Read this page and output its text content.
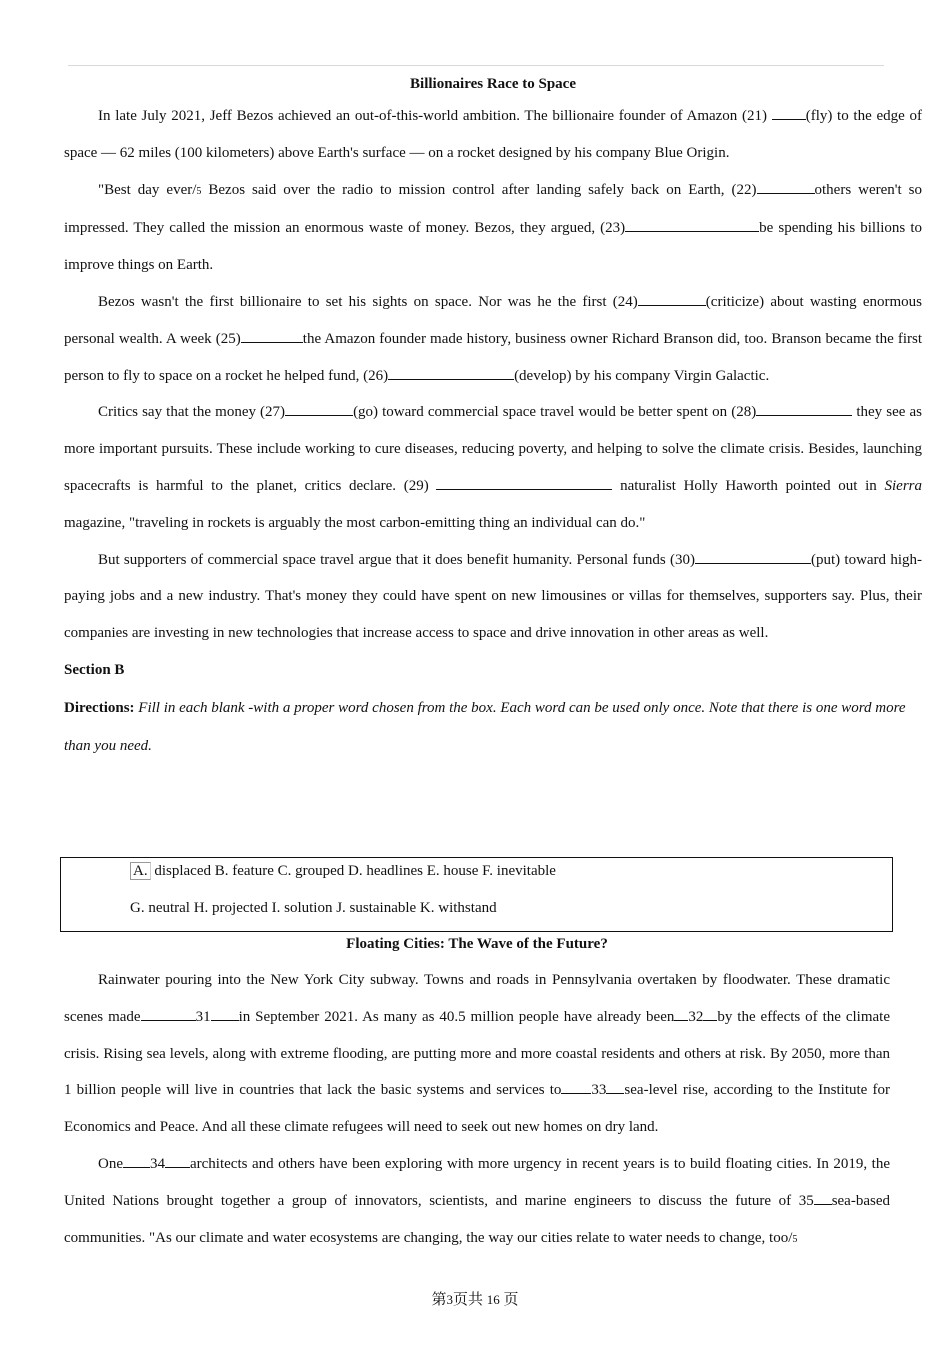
Billionaires Race to Space
In late July 2021, Jeff Bezos achieved an out-of-this-world ambition. The billionaire founder of Amazon (21) (fly) to the edge of space — 62 miles (100 kilometers) above Earth's surface — on a rocket designed by his company Blue Origin.
"Best day ever/5 Bezos said over the radio to mission control after landing safely back on Earth, (22)	others weren't so impressed. They called the mission an enormous waste of money. Bezos, they argued, (23)	be spending his billions to improve things on Earth.
Bezos wasn't the first billionaire to set his sights on space. Nor was he the first (24)	(criticize) about wasting enormous personal wealth. A week (25)	the Amazon founder made history, business owner Richard Branson did, too. Branson became the first person to fly to space on a rocket he helped fund, (26)	(develop) by his company Virgin Galactic.
Critics say that the money (27)	(go) toward commercial space travel would be better spent on (28)	they see as more important pursuits. These include working to cure diseases, reducing poverty, and helping to solve the climate crisis. Besides, launching spacecrafts is harmful to the planet, critics declare. (29)	naturalist Holly Haworth pointed out in Sierra magazine, "traveling in rockets is arguably the most carbon-emitting thing an individual can do."
But supporters of commercial space travel argue that it does benefit humanity. Personal funds (30)	(put) toward high-paying jobs and a new industry. That's money they could have spent on new limousines or villas for themselves, supporters say. Plus, their companies are investing in new technologies that increase access to space and drive innovation in other areas as well.
Section B
Directions: Fill in each blank -with a proper word chosen from the box. Each word can be used only once. Note that there is one word more than you need.
A. displaced B. feature C. grouped D. headlines E. house F. inevitable
G. neutral H. projected I. solution J. sustainable K. withstand
Floating Cities: The Wave of the Future?
Rainwater pouring into the New York City subway. Towns and roads in Pennsylvania overtaken by floodwater. These dramatic scenes made	31 in September 2021. As many as 40.5 million people have already been 32 by the effects of the climate crisis. Rising sea levels, along with extreme flooding, are putting more and more coastal residents and others at risk. By 2050, more than 1 billion people will live in countries that lack the basic systems and services to 33 sea-level rise, according to the Institute for Economics and Peace. And all these climate refugees will need to seek out new homes on dry land.
One 34 architects and others have been exploring with more urgency in recent years is to build floating cities. In 2019, the United Nations brought together a group of innovators, scientists, and marine engineers to discuss the future of 35 sea-based communities. "As our climate and water ecosystems are changing, the way our cities relate to water needs to change, too/5
第3页共 16 页
